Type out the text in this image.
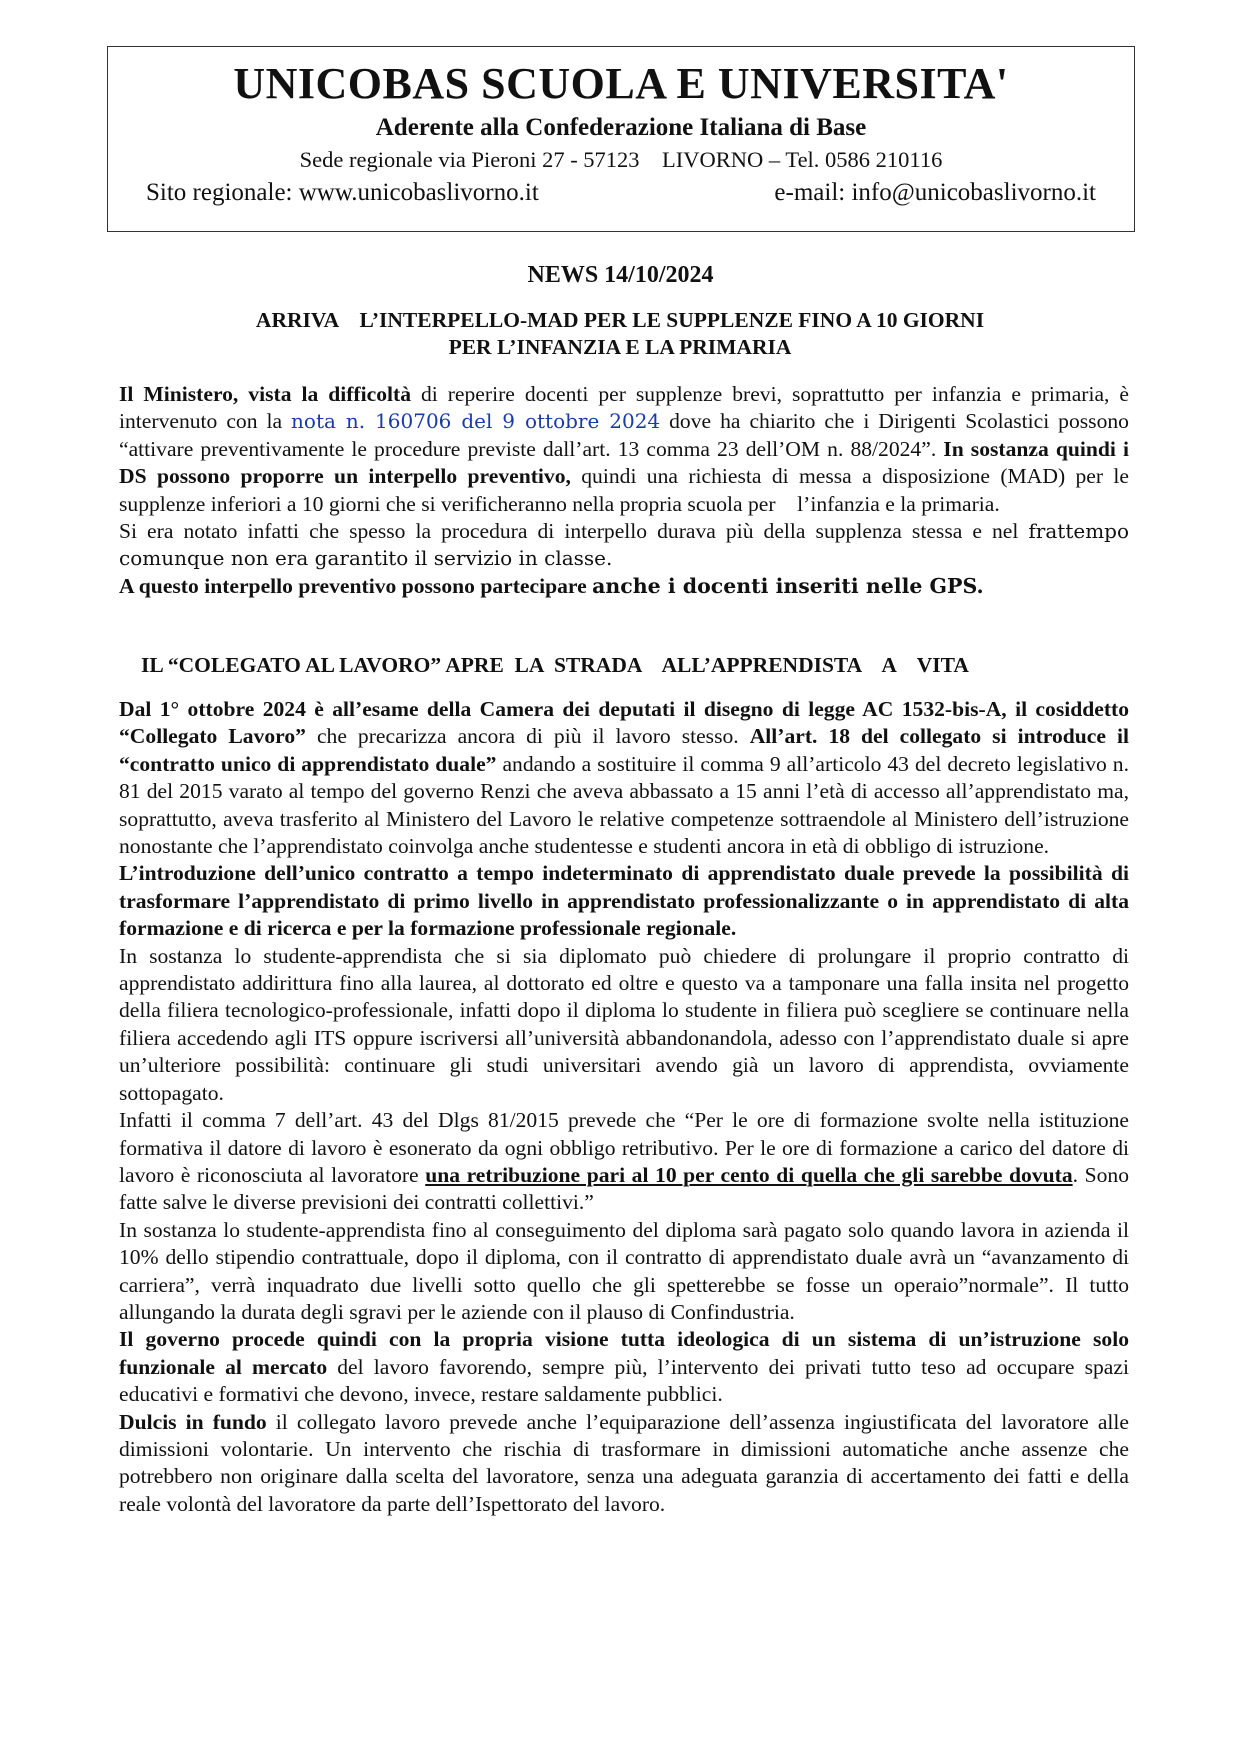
UNICOBAS SCUOLA E UNIVERSITA'
Aderente alla Confederazione Italiana di Base
Sede regionale via Pieroni 27 - 57123    LIVORNO – Tel. 0586 210116
Sito regionale: www.unicobaslivorno.it	e-mail: info@unicobaslivorno.it
NEWS 14/10/2024
ARRIVA    L’INTERPELLO-MAD PER LE SUPPLENZE FINO A 10 GIORNI
PER L’INFANZIA E LA PRIMARIA

Il Ministero, vista la difficoltà di reperire docenti per supplenze brevi, soprattutto per infanzia e primaria, è intervenuto con la nota n. 160706 del 9 ottobre 2024 dove ha chiarito che i Dirigenti Scolastici possono “attivare preventivamente le procedure previste dall’art. 13 comma 23 dell’OM n. 88/2024”. In sostanza quindi i DS possono proporre un interpello preventivo, quindi una richiesta di messa a disposizione (MAD) per le supplenze inferiori a 10 giorni che si verificheranno nella propria scuola per    l’infanzia e la primaria.

Si era notato infatti che spesso la procedura di interpello durava più della supplenza stessa e nel frattempo comunque non era garantito il servizio in classe.

A questo interpello preventivo possono partecipare anche i docenti inseriti nelle GPS.

IL “COLEGATO AL LAVORO” APRE  LA  STRADA    ALL’APPRENDISTA    A    VITA

Dal 1° ottobre 2024 è all’esame della Camera dei deputati il disegno di legge AC 1532-bis-A, il cosiddetto “Collegato Lavoro” che precarizza ancora di più il lavoro stesso. All’art. 18 del collegato si introduce il “contratto unico di apprendistato duale” andando a sostituire il comma 9 all’articolo 43 del decreto legislativo n. 81 del 2015 varato al tempo del governo Renzi che aveva abbassato a 15 anni l’età di accesso all’apprendistato ma, soprattutto, aveva trasferito al Ministero del Lavoro le relative competenze sottraendole al Ministero dell’istruzione nonostante che l’apprendistato coinvolga anche studentesse e studenti ancora in età di obbligo di istruzione.

L’introduzione dell’unico contratto a tempo indeterminato di apprendistato duale prevede la possibilità di trasformare l’apprendistato di primo livello in apprendistato professionalizzante o in apprendistato di alta formazione e di ricerca e per la formazione professionale regionale.

In sostanza lo studente-apprendista che si sia diplomato può chiedere di prolungare il proprio contratto di apprendistato addirittura fino alla laurea, al dottorato ed oltre e questo va a tamponare una falla insita nel progetto della filiera tecnologico-professionale, infatti dopo il diploma lo studente in filiera può scegliere se continuare nella filiera accedendo agli ITS oppure iscriversi all’università abbandonandola, adesso con l’apprendistato duale si apre un’ulteriore possibilità: continuare gli studi universitari avendo già un lavoro di apprendista, ovviamente sottopagato.

Infatti il comma 7 dell’art. 43 del Dlgs 81/2015 prevede che “Per le ore di formazione svolte nella istituzione formativa il datore di lavoro è esonerato da ogni obbligo retributivo. Per le ore di formazione a carico del datore di lavoro è riconosciuta al lavoratore una retribuzione pari al 10 per cento di quella che gli sarebbe dovuta. Sono fatte salve le diverse previsioni dei contratti collettivi.”

In sostanza lo studente-apprendista fino al conseguimento del diploma sarà pagato solo quando lavora in azienda il 10% dello stipendio contrattuale, dopo il diploma, con il contratto di apprendistato duale avrà un “avanzamento di carriera”, verrà inquadrato due livelli sotto quello che gli spetterebbe se fosse un operaio”normale”. Il tutto allungando la durata degli sgravi per le aziende con il plauso di Confindustria.

Il governo procede quindi con la propria visione tutta ideologica di un sistema di un’istruzione solo funzionale al mercato del lavoro favorendo, sempre più, l’intervento dei privati tutto teso ad occupare spazi educativi e formativi che devono, invece, restare saldamente pubblici.

Dulcis in fundo il collegato lavoro prevede anche l’equiparazione dell’assenza ingiustificata del lavoratore alle dimissioni volontarie. Un intervento che rischia di trasformare in dimissioni automatiche anche assenze che potrebbero non originare dalla scelta del lavoratore, senza una adeguata garanzia di accertamento dei fatti e della reale volontà del lavoratore da parte dell’Ispettorato del lavoro.
